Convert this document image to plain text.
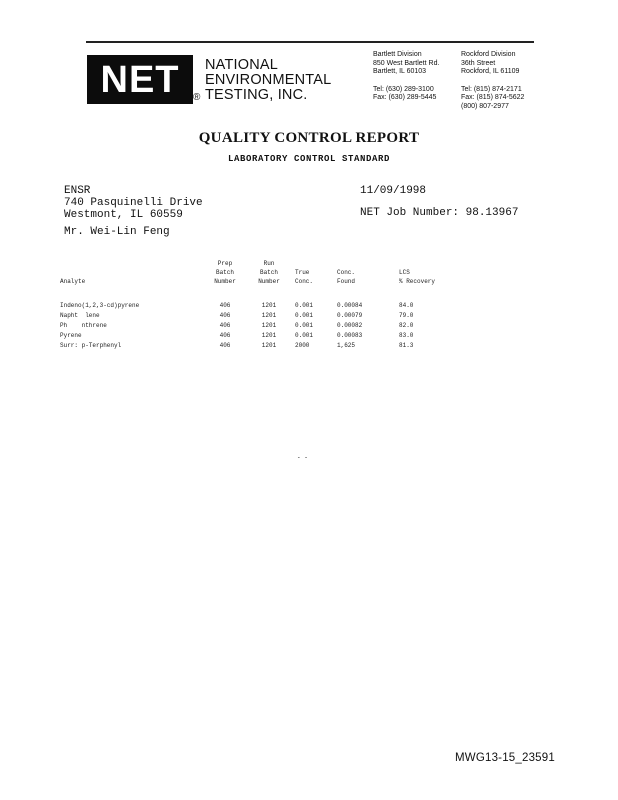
NET ®
NATIONAL
ENVIRONMENTAL
TESTING, INC.
Bartlett Division
850 West Bartlett Rd.
Bartlett, IL 60103
Tel: (630) 289-3100
Fax: (630) 289-5445
Rockford Division
36th Street
Rockford, IL 61109
Tel: (815) 874-2171
Fax: (815) 874-5622
(800) 807-2977
QUALITY CONTROL REPORT
LABORATORY CONTROL STANDARD
ENSR
740 Pasquinelli Drive
Westmont, IL 60559
11/09/1998
NET Job Number: 98.13967
Mr. Wei-Lin Feng
	Prep	Run			
	Batch	Batch	True	Conc.	LCS
Analyte	Number	Number	Conc.	Found	% Recovery

Indeno(1,2,3-cd)pyrene	406	1201	0.001	0.00084	84.0
Napht  lene	406	1201	0.001	0.00079	79.0
Ph    nthrene	406	1201	0.001	0.00082	82.0
Pyrene	406	1201	0.001	0.00083	83.0
Surr: p-Terphenyl	406	1201	2000	1,625	81.3
- -
MWG13-15_23591
